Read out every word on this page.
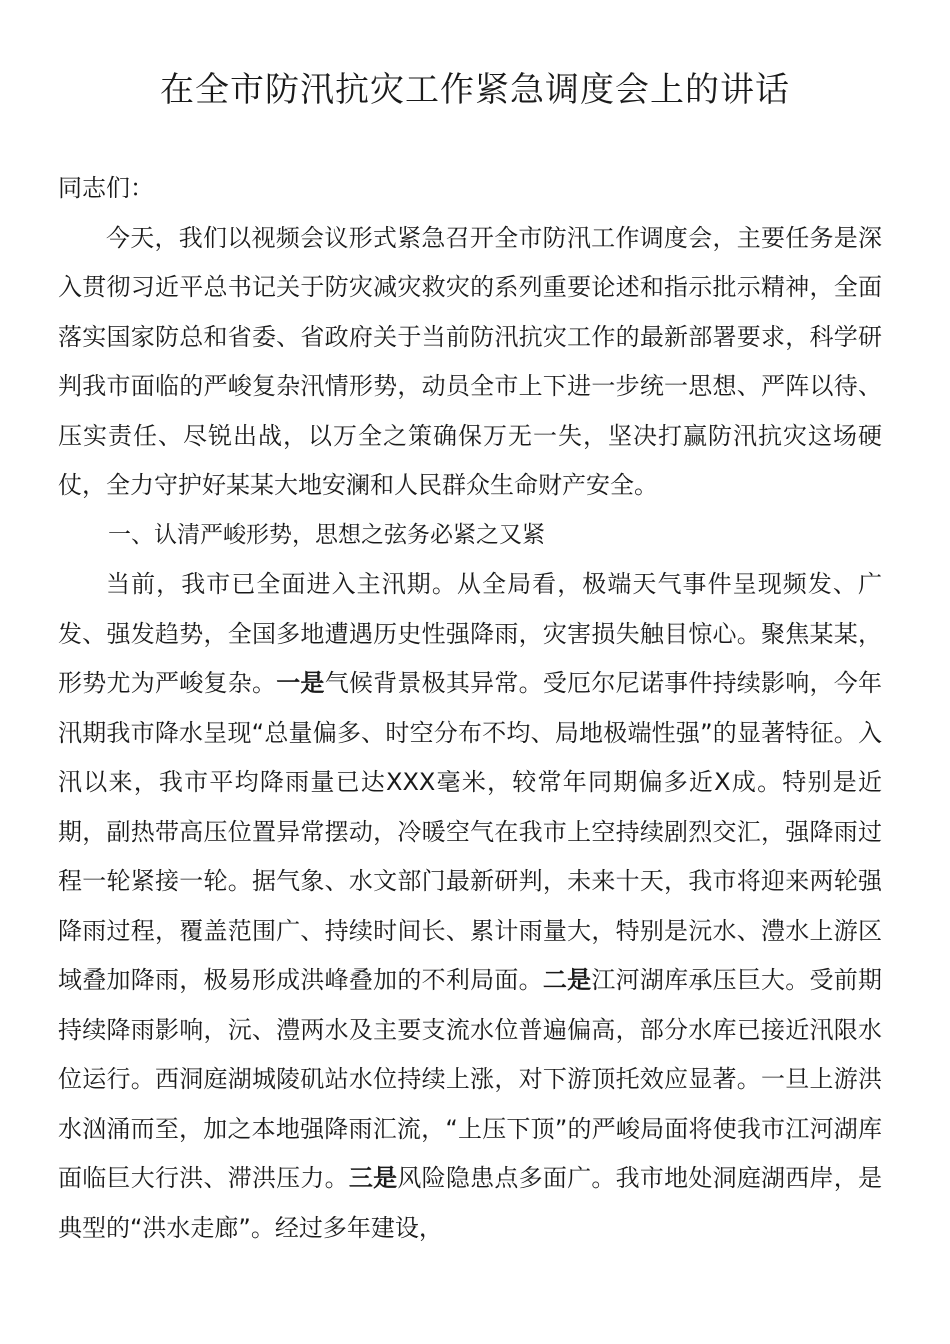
在全市防汛抗灾工作紧急调度会上的讲话

同志们：

今天，我们以视频会议形式紧急召开全市防汛工作调度会，主要任务是深入贯彻习近平总书记关于防灾减灾救灾的系列重要论述和指示批示精神，全面落实国家防总和省委、省政府关于当前防汛抗灾工作的最新部署要求，科学研判我市面临的严峻复杂汛情形势，动员全市上下进一步统一思想、严阵以待、压实责任、尽锐出战，以万全之策确保万无一失，坚决打赢防汛抗灾这场硬仗，全力守护好某某大地安澜和人民群众生命财产安全。

一、认清严峻形势，思想之弦务必紧之又紧

当前，我市已全面进入主汛期。从全局看，极端天气事件呈现频发、广发、强发趋势，全国多地遭遇历史性强降雨，灾害损失触目惊心。聚焦某某，形势尤为严峻复杂。一是气候背景极其异常。受厄尔尼诺事件持续影响，今年汛期我市降水呈现“总量偏多、时空分布不均、局地极端性强”的显著特征。入汛以来，我市平均降雨量已达XXX毫米，较常年同期偏多近X成。特别是近期，副热带高压位置异常摆动，冷暖空气在我市上空持续剧烈交汇，强降雨过程一轮紧接一轮。据气象、水文部门最新研判，未来十天，我市将迎来两轮强降雨过程，覆盖范围广、持续时间长、累计雨量大，特别是沅水、澧水上游区域叠加降雨，极易形成洪峰叠加的不利局面。二是江河湖库承压巨大。受前期持续降雨影响，沅、澧两水及主要支流水位普遍偏高，部分水库已接近汛限水位运行。西洞庭湖城陵矶站水位持续上涨，对下游顶托效应显著。一旦上游洪水汹涌而至，加之本地强降雨汇流，“上压下顶”的严峻局面将使我市江河湖库面临巨大行洪、滞洪压力。三是风险隐患点多面广。我市地处洞庭湖西岸，是典型的“洪水走廊”。经过多年建设，
